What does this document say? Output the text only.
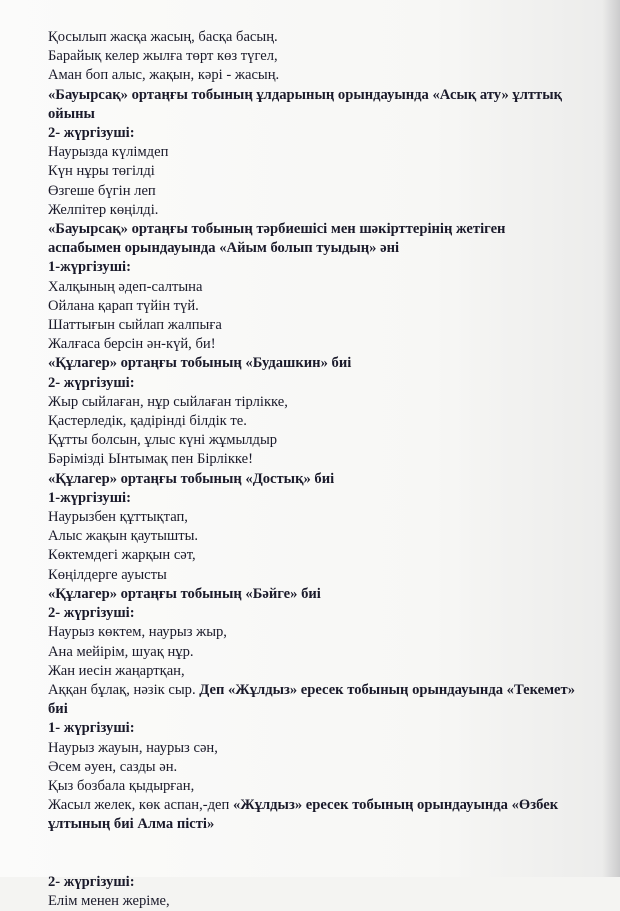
Қосылып жасқа жасың, басқа басың.
Барайық келер жылға төрт көз түгел,
Аман боп алыс, жақын, кәрі - жасың.
«Бауырсақ» ортаңғы тобының ұлдарының орындауында «Асық ату» ұлттық ойыны
2- жүргізуші:
Наурызда күлімдеп
Күн нұры төгілді
Өзгеше бүгін леп
Желпітер көңілді.
«Бауырсақ» ортаңғы тобының тәрбиешісі мен шәкірттерінің жетіген аспабымен орындауында «Айым болып туыдың» әні
1-жүргізуші:
Халқының әдеп-салтына
Ойлана қарап түйін түй.
Шаттығын сыйлап жалпыға
Жалғаса берсін ән-күй, би!
«Құлагер» ортаңғы тобының «Будашкин» биі
2- жүргізуші:
Жыр сыйлаған, нұр сыйлаған тірлікке,
Қастерледік, қадірінді білдік те.
Құтты болсын, ұлыс күні жұмылдыр
Бәрімізді Ынтымақ пен Бірлікке!
«Құлагер» ортаңғы тобының «Достық» биі
1-жүргізуші:
Наурызбен құттықтап,
Алыс жақын қаутышты.
Көктемдегі жарқын сәт,
Көңілдерге ауысты
«Құлагер» ортаңғы тобының «Бәйге» биі
2- жүргізуші:
Наурыз көктем, наурыз жыр,
Ана мейірім, шуақ нұр.
Жан иесін жаңартқан,
Аққан бұлақ, нәзік сыр. Деп «Жұлдыз» ересек тобының орындауында «Текемет» биі
1- жүргізуші:
Наурыз жауын, наурыз сән,
Әсем әуен, сазды ән.
Қыз бозбала қыдырған,
Жасыл желек, көк аспан,-деп «Жұлдыз» ересек тобының орындауында «Өзбек ұлтының биі Алма пісті»
2- жүргізуші:
Елім менен жеріме,
